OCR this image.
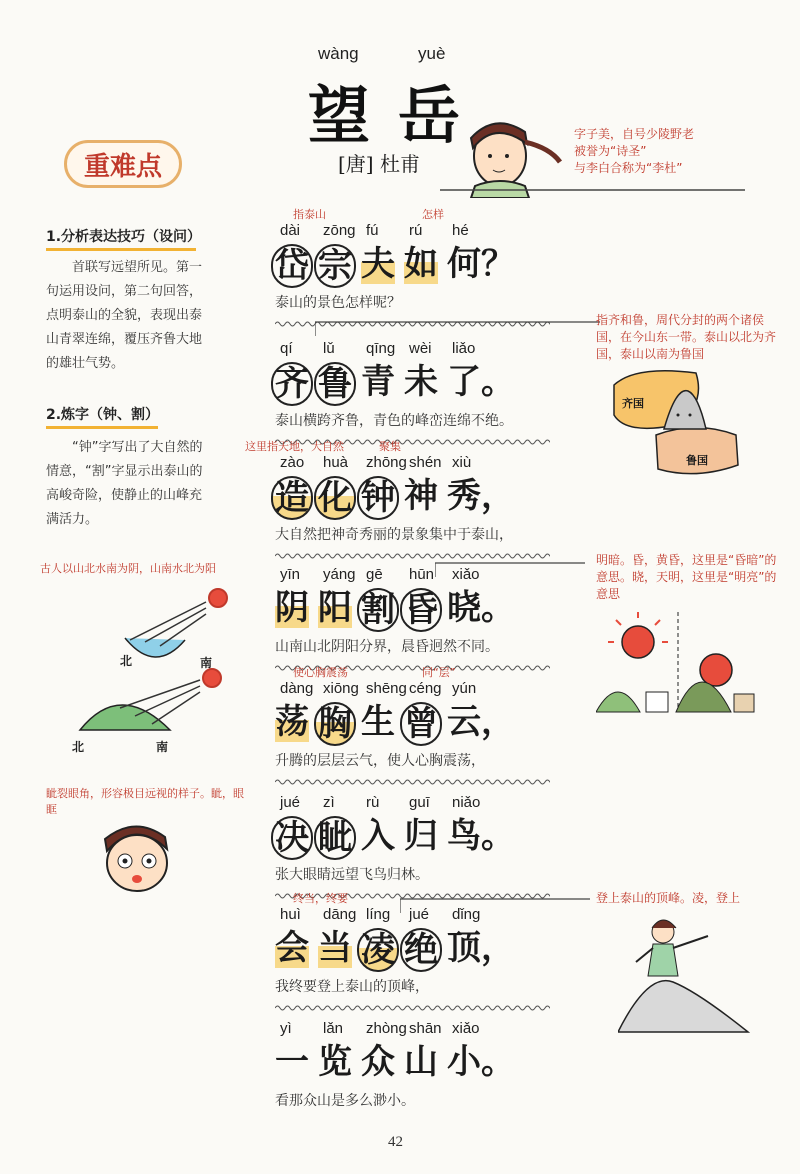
wàng	yuè
望 岳
[唐] 杜甫
重难点
字子美，自号少陵野老
被誉为“诗圣”
与李白合称为“李杜”
1.分析表达技巧（设问）
首联写远望所见。第一句运用设问，第二句回答，点明泰山的全貌，表现出泰山青翠连绵，覆压齐鲁大地的雄壮气势。
2.炼字（钟、割）
“钟”字写出了大自然的情意，“割”字显示出泰山的高峻奇险，使静止的山峰充满活力。
古人以山北水南为阴，山南水北为阳
北	南
北	南
眦裂眼角，形容极目远视的样子。眦，眼眶
dài zōng fú rú hé
指泰山	怎样
岱 宗 夫 如 何？
泰山的景色怎样呢？
qí lǔ qīng wèi liǎo
齐 鲁 青 未 了。
泰山横跨齐鲁，青色的峰峦连绵不绝。
zào huà zhōng shén xiù
这里指天地，大自然	聚集
造 化 钟 神 秀，
大自然把神奇秀丽的景象集中于泰山，
yīn yáng gē hūn xiǎo
阴 阳 割 昏 晓。
山南山北阴阳分界，晨昏迥然不同。
dàng xiōng shēng céng yún
使心胸震荡	同“层”
荡 胸 生 曾 云，
升腾的层层云气，使人心胸震荡，
jué zì rù guī niǎo
决 眦 入 归 鸟。
张大眼睛远望飞鸟归林。
huì dāng líng jué dǐng
终当，终要
会 当 凌 绝 顶，
我终要登上泰山的顶峰，
yì lǎn zhòng shān xiǎo
一 览 众 山 小。
看那众山是多么渺小。
指齐和鲁，周代分封的两个诸侯国，在今山东一带。泰山以北为齐国，泰山以南为鲁国
齐国
鲁国
明暗。昏，黄昏，这里是“昏暗”的意思。晓，天明，这里是“明亮”的意思
登上泰山的顶峰。凌，登上
42
